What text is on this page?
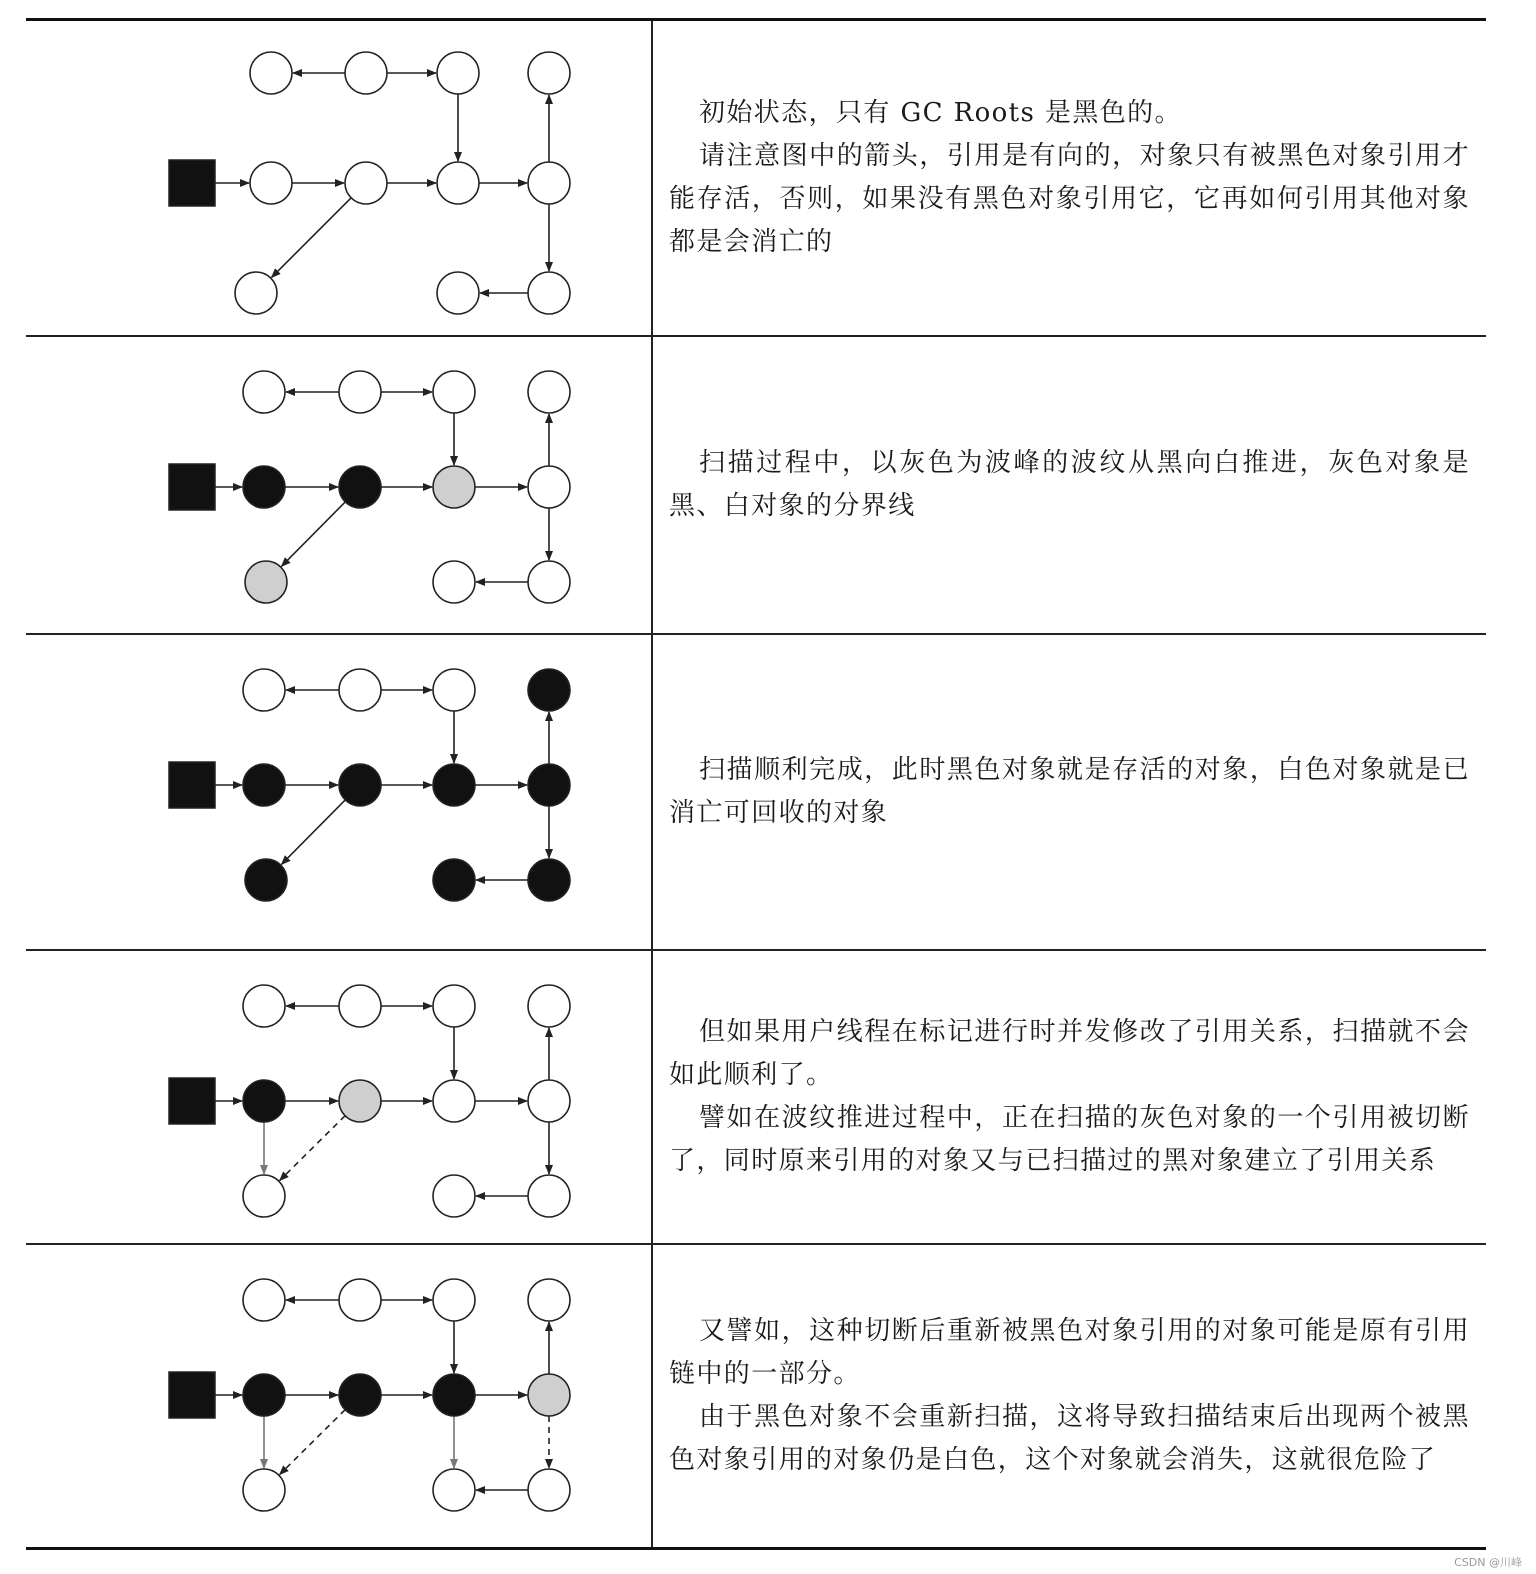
初始状态，只有 GC Roots 是黑色的。

请注意图中的箭头，引用是有向的，对象只有被黑色对象引用才能存活，否则，如果没有黑色对象引用它，它再如何引用其他对象都是会消亡的

扫描过程中，以灰色为波峰的波纹从黑向白推进，灰色对象是黑、白对象的分界线

扫描顺利完成，此时黑色对象就是存活的对象，白色对象就是已消亡可回收的对象

但如果用户线程在标记进行时并发修改了引用关系，扫描就不会如此顺利了。

譬如在波纹推进过程中，正在扫描的灰色对象的一个引用被切断了，同时原来引用的对象又与已扫描过的黑对象建立了引用关系

又譬如，这种切断后重新被黑色对象引用的对象可能是原有引用链中的一部分。

由于黑色对象不会重新扫描，这将导致扫描结束后出现两个被黑色对象引用的对象仍是白色，这个对象就会消失，这就很危险了

CSDN @川峰
